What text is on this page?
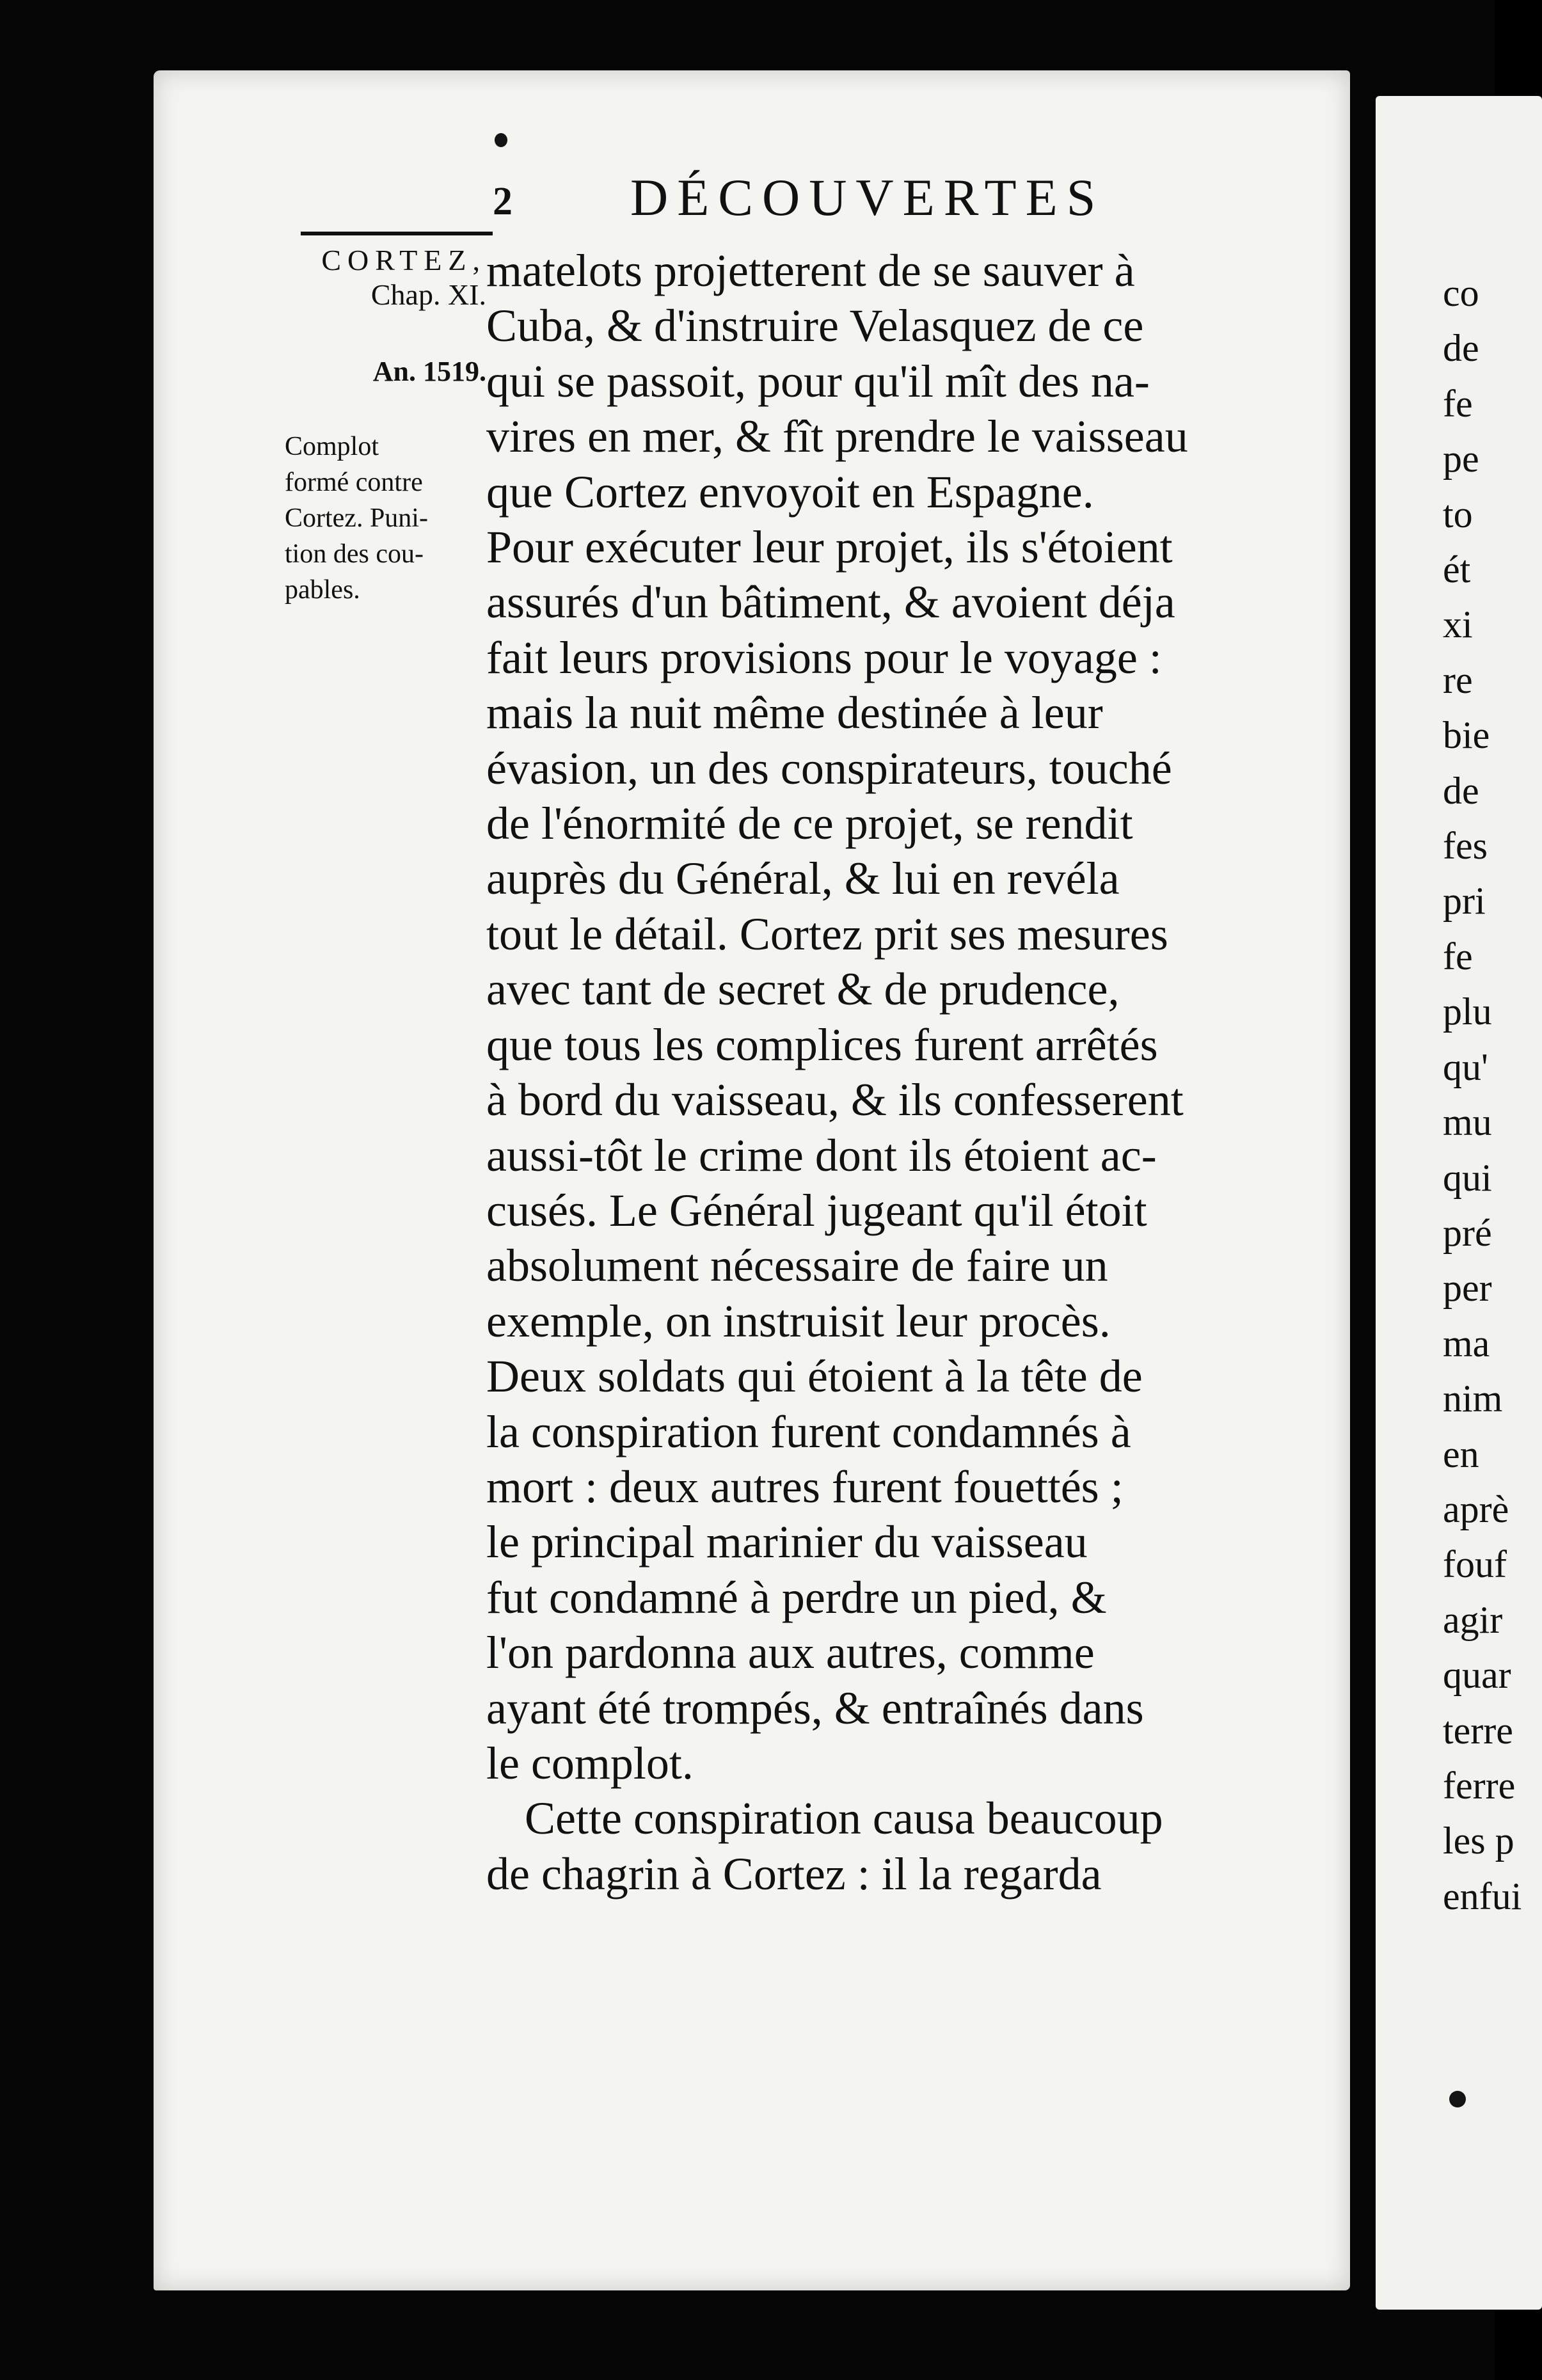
co
de
fe
pe
to
ét
xi
re
bie
de
fes
pri
fe
plu
qu'
mu
qui
pré
per
ma
nim
en
aprè
fouf
agir
quar
terre
ferre
les p
enfui
2 DÉCOUVERTES
CORTEZ,
Chap. XI.
An. 1519.
Complot
formé contre
Cortez. Puni-
tion des cou-
pables.
matelots projetterent de se sauver à
Cuba, & d'instruire Velasquez de ce
qui se passoit, pour qu'il mît des na-
vires en mer, & fît prendre le vaisseau
que Cortez envoyoit en Espagne.
Pour exécuter leur projet, ils s'étoient
assurés d'un bâtiment, & avoient déja
fait leurs provisions pour le voyage :
mais la nuit même destinée à leur
évasion, un des conspirateurs, touché
de l'énormité de ce projet, se rendit
auprès du Général, & lui en revéla
tout le détail. Cortez prit ses mesures
avec tant de secret & de prudence,
que tous les complices furent arrêtés
à bord du vaisseau, & ils confesserent
aussi-tôt le crime dont ils étoient ac-
cusés. Le Général jugeant qu'il étoit
absolument nécessaire de faire un
exemple, on instruisit leur procès.
Deux soldats qui étoient à la tête de
la conspiration furent condamnés à
mort : deux autres furent fouettés ;
le principal marinier du vaisseau
fut condamné à perdre un pied, &
l'on pardonna aux autres, comme
ayant été trompés, & entraînés dans
le complot.
Cette conspiration causa beaucoup
de chagrin à Cortez : il la regarda
